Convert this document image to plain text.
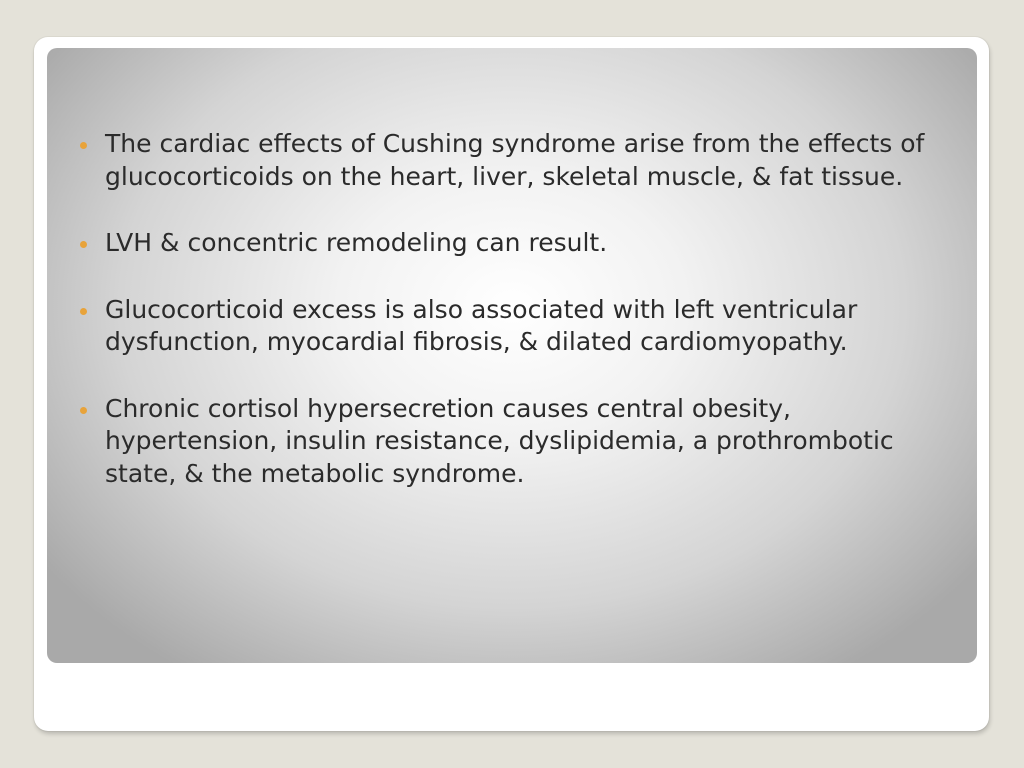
The cardiac effects of Cushing syndrome arise from the effects of glucocorticoids on the heart, liver, skeletal muscle, & fat tissue.
LVH & concentric remodeling can result.
Glucocorticoid excess is also associated with left ventricular dysfunction, myocardial fibrosis, & dilated cardiomyopathy.
Chronic cortisol hypersecretion causes central obesity, hypertension, insulin resistance, dyslipidemia, a prothrombotic state, & the metabolic syndrome.
